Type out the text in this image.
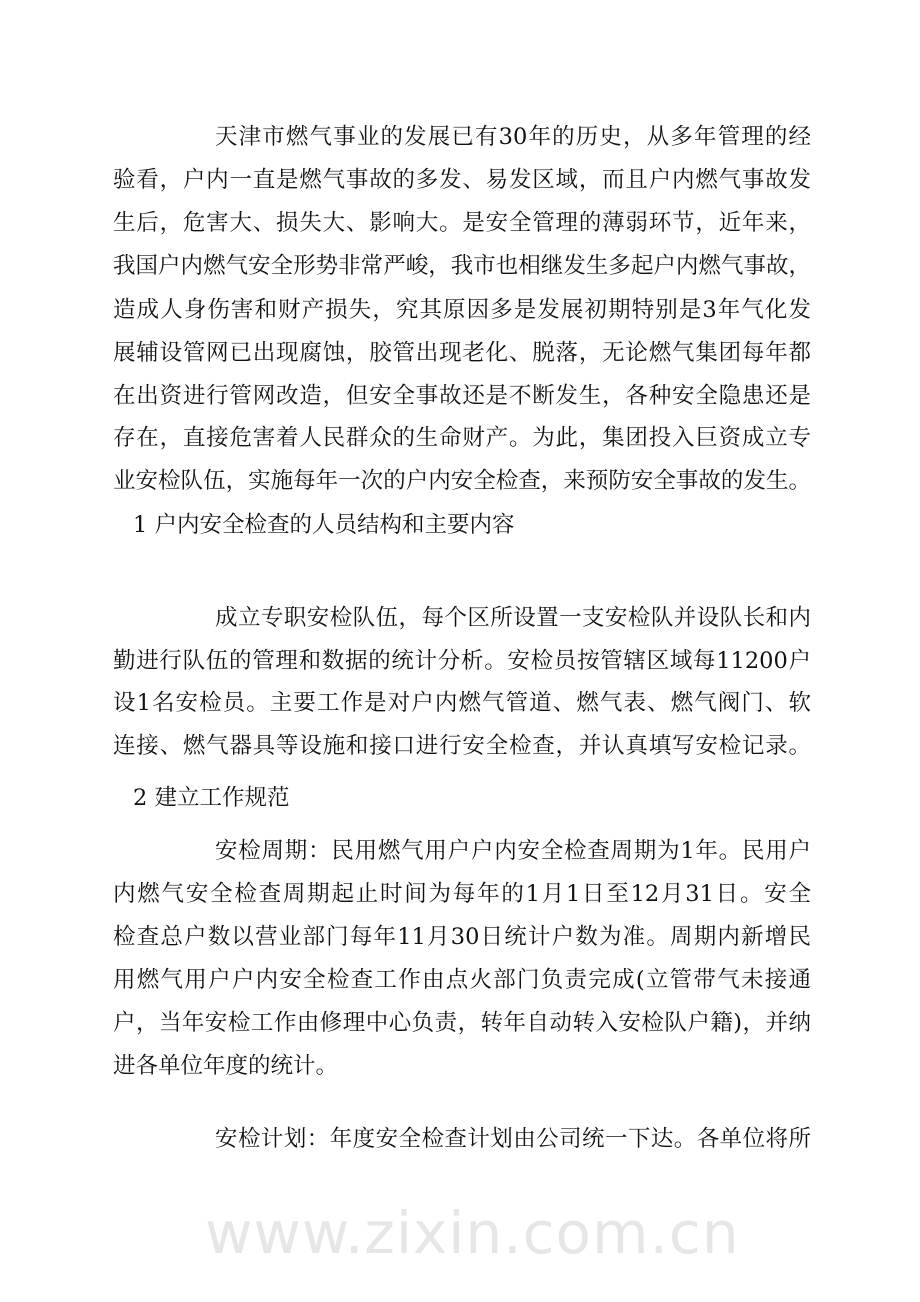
www.zixin.com.cn
天津市燃气事业的发展已有30年的历史，从多年管理的经
验看，户内一直是燃气事故的多发、易发区域，而且户内燃气事故发
生后，危害大、损失大、影响大。是安全管理的薄弱环节，近年来，
我国户内燃气安全形势非常严峻，我市也相继发生多起户内燃气事故，
造成人身伤害和财产损失，究其原因多是发展初期特别是3年气化发
展辅设管网已出现腐蚀，胶管出现老化、脱落，无论燃气集团每年都
在出资进行管网改造，但安全事故还是不断发生，各种安全隐患还是
存在，直接危害着人民群众的生命财产。为此，集团投入巨资成立专
业安检队伍，实施每年一次的户内安全检查，来预防安全事故的发生。
1 户内安全检查的人员结构和主要内容
成立专职安检队伍，每个区所设置一支安检队并设队长和内
勤进行队伍的管理和数据的统计分析。安检员按管辖区域每11200户
设1名安检员。主要工作是对户内燃气管道、燃气表、燃气阀门、软
连接、燃气器具等设施和接口进行安全检查，并认真填写安检记录。
2 建立工作规范
安检周期：民用燃气用户户内安全检查周期为1年。民用户
内燃气安全检查周期起止时间为每年的1月1日至12月31日。安全
检查总户数以营业部门每年11月30日统计户数为准。周期内新增民
用燃气用户户内安全检查工作由点火部门负责完成(立管带气未接通
户，当年安检工作由修理中心负责，转年自动转入安检队户籍)，并纳
进各单位年度的统计。
安检计划：年度安全检查计划由公司统一下达。各单位将所
